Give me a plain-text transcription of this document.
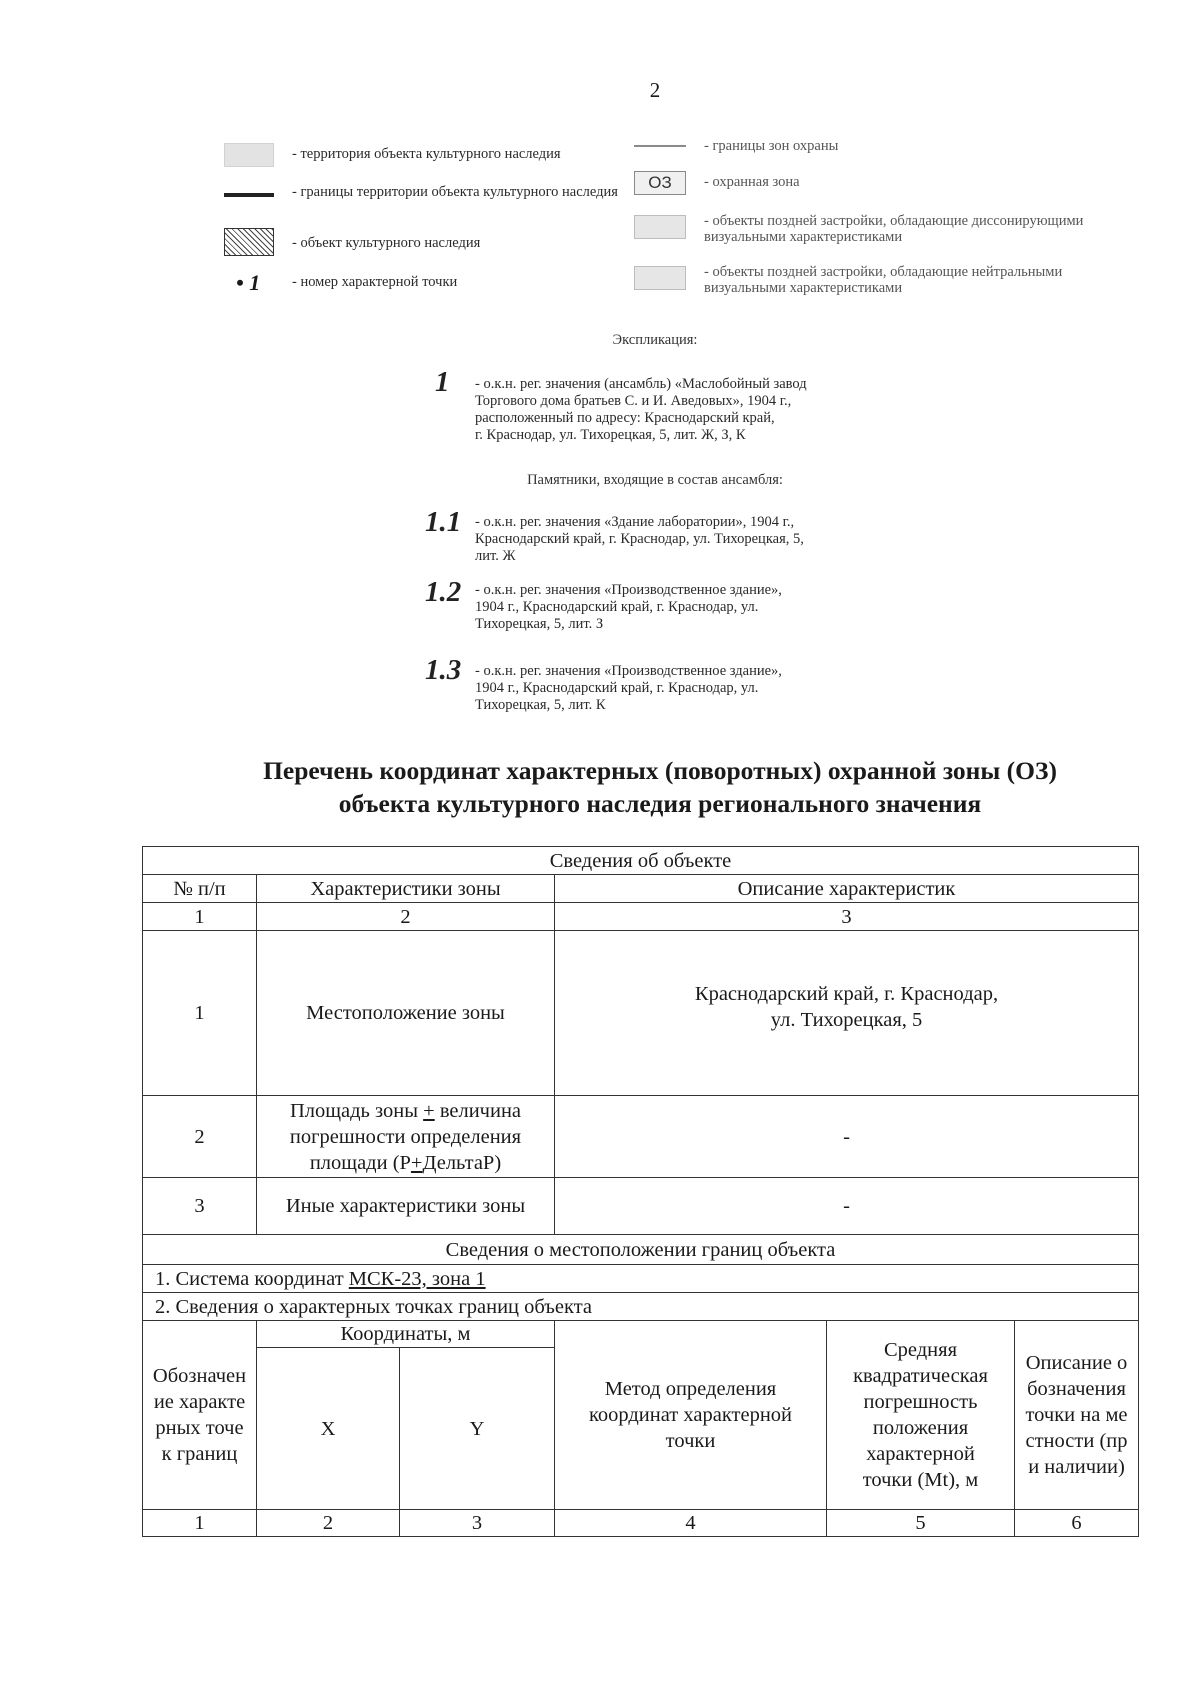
2
- территория объекта культурного наследия
- границы территории объекта культурного наследия
- объект культурного наследия
• 1 - номер характерной точки
- границы зон охраны
ОЗ	- охранная зона
- объекты поздней застройки, обладающие диссонирующими визуальными характеристиками
- объекты поздней застройки, обладающие нейтральными визуальными характеристиками
Экспликация:
1 - о.к.н. рег. значения (ансамбль) «Маслобойный завод
Торгового дома братьев С. и И. Аведовых», 1904 г.,
расположенный по адресу: Краснодарский край,
г. Краснодар, ул. Тихорецкая, 5, лит. Ж, З, К
Памятники, входящие в состав ансамбля:
1.1 - о.к.н. рег. значения «Здание лаборатории», 1904 г.,
Краснодарский край, г. Краснодар, ул. Тихорецкая, 5,
лит. Ж
1.2 - о.к.н. рег. значения «Производственное здание»,
1904 г., Краснодарский край, г. Краснодар, ул.
Тихорецкая, 5, лит. З
1.3 - о.к.н. рег. значения «Производственное здание»,
1904 г., Краснодарский край, г. Краснодар, ул.
Тихорецкая, 5, лит. К
Перечень координат характерных (поворотных) охранной зоны (ОЗ)
объекта культурного наследия регионального значения
Сведения об объекте					
№ п/п	Характеристики зоны		Описание характеристик		
1	2		3		
1	Местоположение зоны		Краснодарский край, г. Краснодар,
ул. Тихорецкая, 5		

2	Площадь зоны + величина погрешности определения площади (Р+ДельтаР)		-		
3	Иные характеристики зоны		-		
Сведения о местоположении границ объекта					
1. Система координат МСК-23, зона 1					
2. Сведения о характерных точках границ объекта					
Обозначение характерных точек границ	Координаты, м		Метод определения координат характерной точки	Средняя квадратическая погрешность положения характерной точки (Mt), м	Описание обозначения точки на местности (при наличии)
	X	Y			
1	2	3	4	5	6
